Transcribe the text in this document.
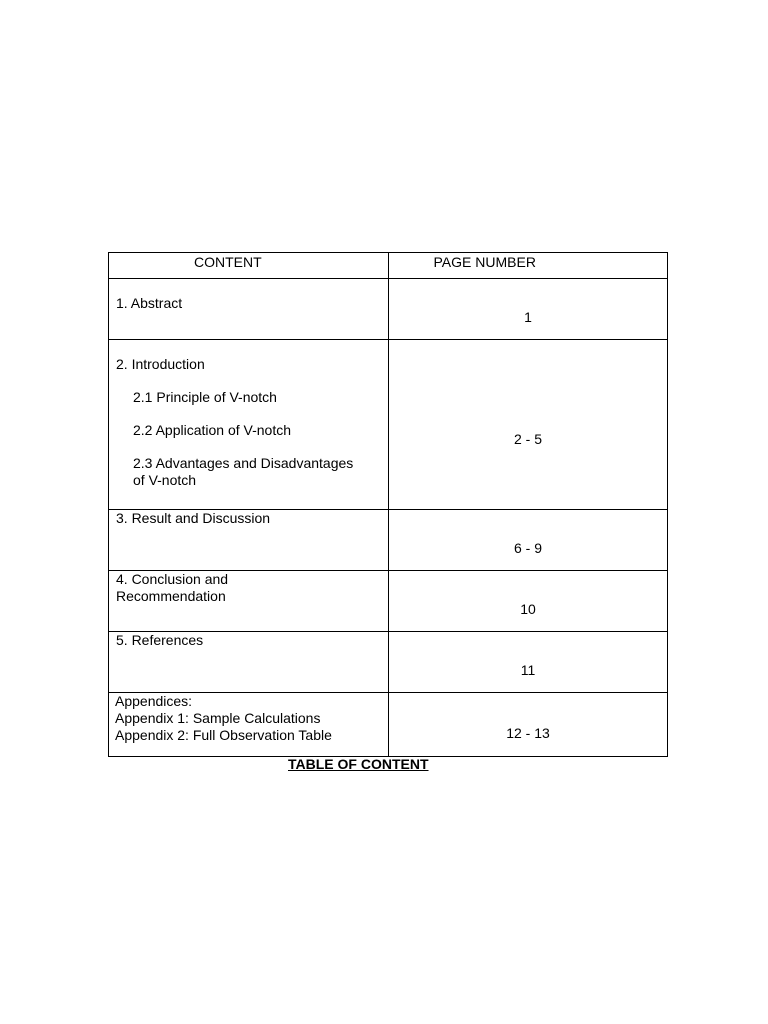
CONTENT	PAGE NUMBER

1. Abstract	1

2. Introduction
2.1 Principle of V-notch
2.2 Application of V-notch
2.3 Advantages and Disadvantages
of V-notch	2 - 5

3. Result and Discussion	6 - 9

4. Conclusion and
Recommendation	10

5. References	11

Appendices:
Appendix 1: Sample Calculations
Appendix 2: Full Observation Table	12 - 13
TABLE OF CONTENT
